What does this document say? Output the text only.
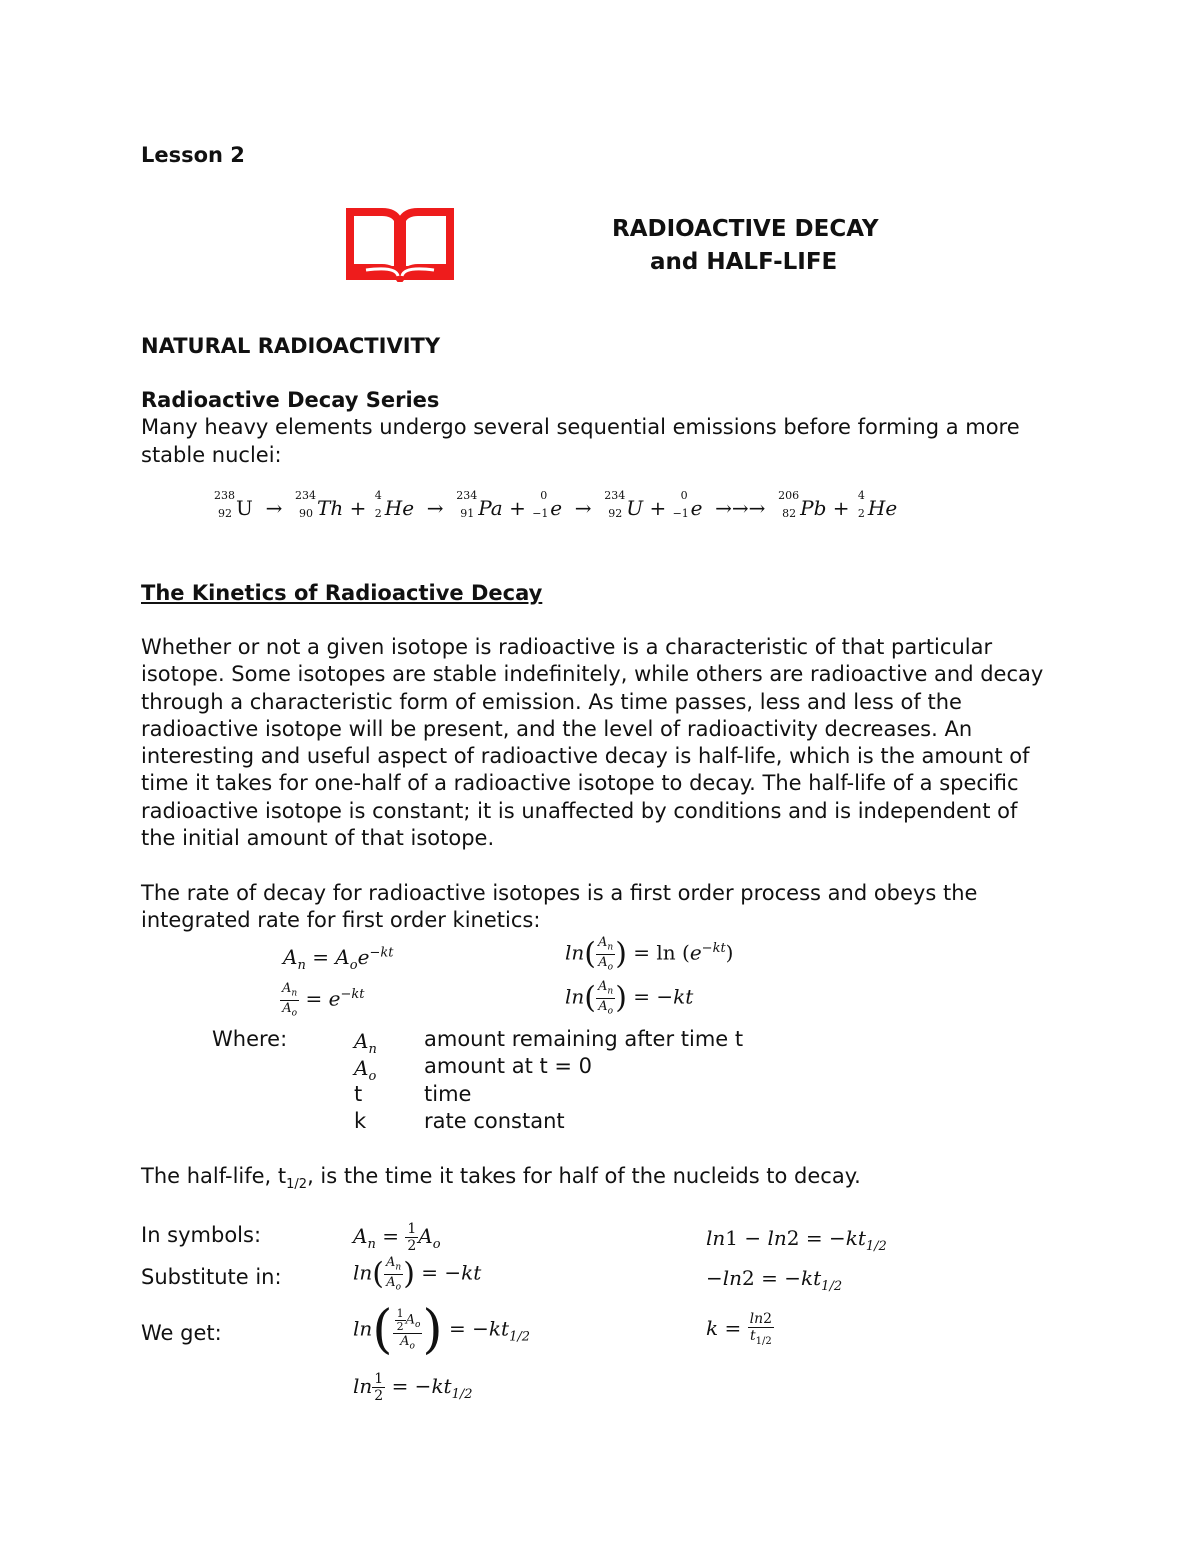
Lesson 2
RADIOACTIVE DECAY
and HALF-LIFE
NATURAL RADIOACTIVITY
Radioactive Decay Series
Many heavy elements undergo several sequential emissions before forming a more
stable nuclei:
238
92 U  →
234
90 Th +
4
2 He  →
234
91 Pa +
0
−1 e  →
234
92 U +
0
−1 e  →→→
206
82 Pb +
4
2 He
The Kinetics of Radioactive Decay
Whether or not a given isotope is radioactive is a characteristic of that particular
isotope. Some isotopes are stable indefinitely, while others are radioactive and decay
through a characteristic form of emission. As time passes, less and less of the
radioactive isotope will be present, and the level of radioactivity decreases. An
interesting and useful aspect of radioactive decay is half-life, which is the amount of
time it takes for one-half of a radioactive isotope to decay. The half-life of a specific
radioactive isotope is constant; it is unaffected by conditions and is independent of
the initial amount of that isotope.
The rate of decay for radioactive isotopes is a first order process and obeys the
integrated rate for first order kinetics:
$A_n = A_oe^{-kt}$
$\frac{A_n}{A_o} = e^{-kt}$
$\ln( \frac{A_n}{A_o}$ ) = $\ln (e^{-kt})$
$\ln( \frac{A_n}{A_o}$ ) = −kt
Where:	$A_n$
$A_o$
t
k
amount remaining after time t
amount at t = 0
time
rate constant
The half-life, $t_{1/2}$, is the time it takes for half of the nucleids to decay.
In symbols:
Substitute in:
We get:
$A_n = \frac{1}{2} A_o$
$\ln( \frac{A_n}{A_o}$ ) = −kt
$\ln( \frac{\frac{1}{2} A_o}{A_o}$ ) = $-kt_{1/2}$
$\ln \frac{1}{2} = -kt_{1/2}$
$\ln 1 - \ln 2 = -kt_{1/2}$
$-\ln 2 = -kt_{1/2}$
$k = \frac{\ln 2}{t_{1/2}}$
